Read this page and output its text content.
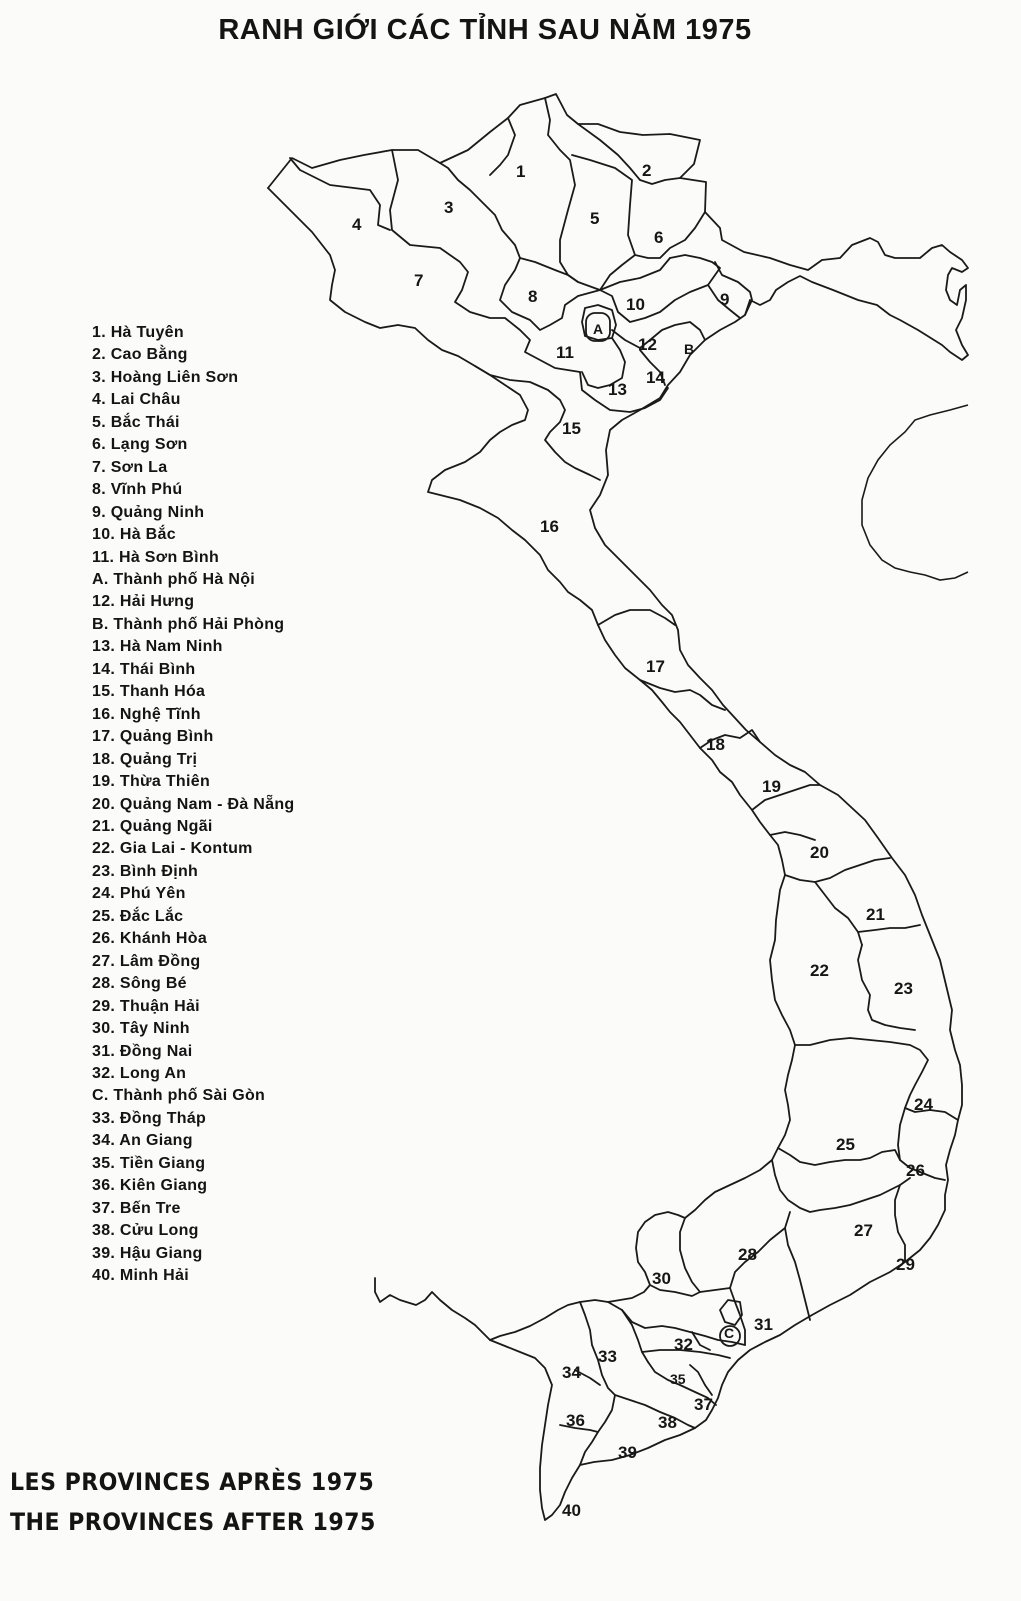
RANH GIỚI CÁC TỈNH SAU NĂM 1975
1. Hà Tuyên
2. Cao Bằng
3. Hoàng Liên Sơn
4. Lai Châu
5. Bắc Thái
6. Lạng Sơn
7. Sơn La
8. Vĩnh Phú
9. Quảng Ninh
10. Hà Bắc
11. Hà Sơn Bình
A. Thành phố Hà Nội
12. Hải Hưng
B. Thành phố Hải Phòng
13. Hà Nam Ninh
14. Thái Bình
15. Thanh Hóa
16. Nghệ Tĩnh
17. Quảng Bình
18. Quảng Trị
19. Thừa Thiên
20. Quảng Nam - Đà Nẵng
21. Quảng Ngãi
22. Gia Lai - Kontum
23. Bình Định
24. Phú Yên
25. Đắc Lắc
26. Khánh Hòa
27. Lâm Đồng
28. Sông Bé
29. Thuận Hải
30. Tây Ninh
31. Đồng Nai
32. Long An
C. Thành phố Sài Gòn
33. Đồng Tháp
34. An Giang
35. Tiền Giang
36. Kiên Giang
37. Bến Tre
38. Cửu Long
39. Hậu Giang
40. Minh Hải
1	2
3
4	5
6
7
8	9
10
A
11	12 B
13
14
15
16
17
18
19
20
21
22
23
24
25
26
27
28
29
30
31
32
C
33
35
34
37
36	38
39
40
LES PROVINCES APRÈS 1975
THE PROVINCES AFTER 1975
